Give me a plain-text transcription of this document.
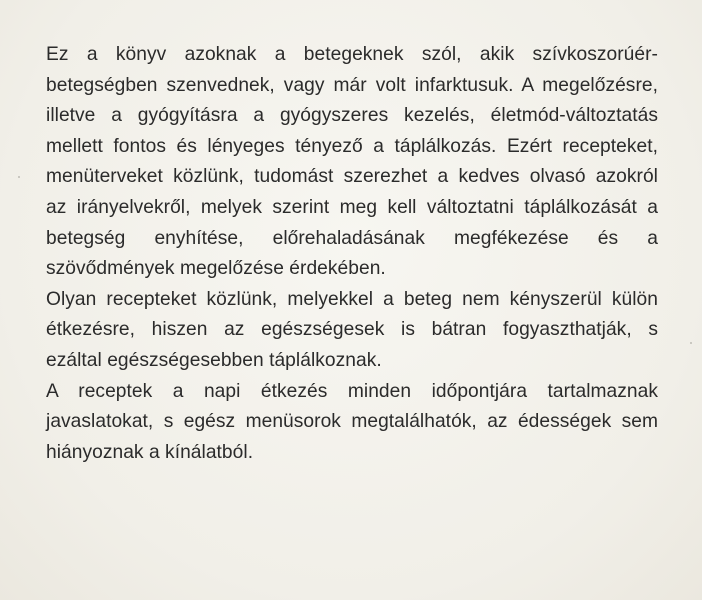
Ez a könyv azoknak a betegeknek szól, akik szívkoszorúér-
betegségben szenvednek, vagy már volt infarktusuk. A megelőzésre,
illetve a gyógyításra a gyógyszeres kezelés, életmód-változtatás
mellett fontos és lényeges tényező a táplálkozás. Ezért recepteket,
menüterveket közlünk, tudomást szerezhet a kedves olvasó azokról
az irányelvekről, melyek szerint meg kell változtatni táplálkozását a
betegség enyhítése, előrehaladásának megfékezése és a
szövődmények megelőzése érdekében.
Olyan recepteket közlünk, melyekkel a beteg nem kényszerül külön
étkezésre, hiszen az egészségesek is bátran fogyaszthatják, s
ezáltal egészségesebben táplálkoznak.
A receptek a napi étkezés minden időpontjára tartalmaznak
javaslatokat, s egész menüsorok megtalálhatók, az édességek sem
hiányoznak a kínálatból.
